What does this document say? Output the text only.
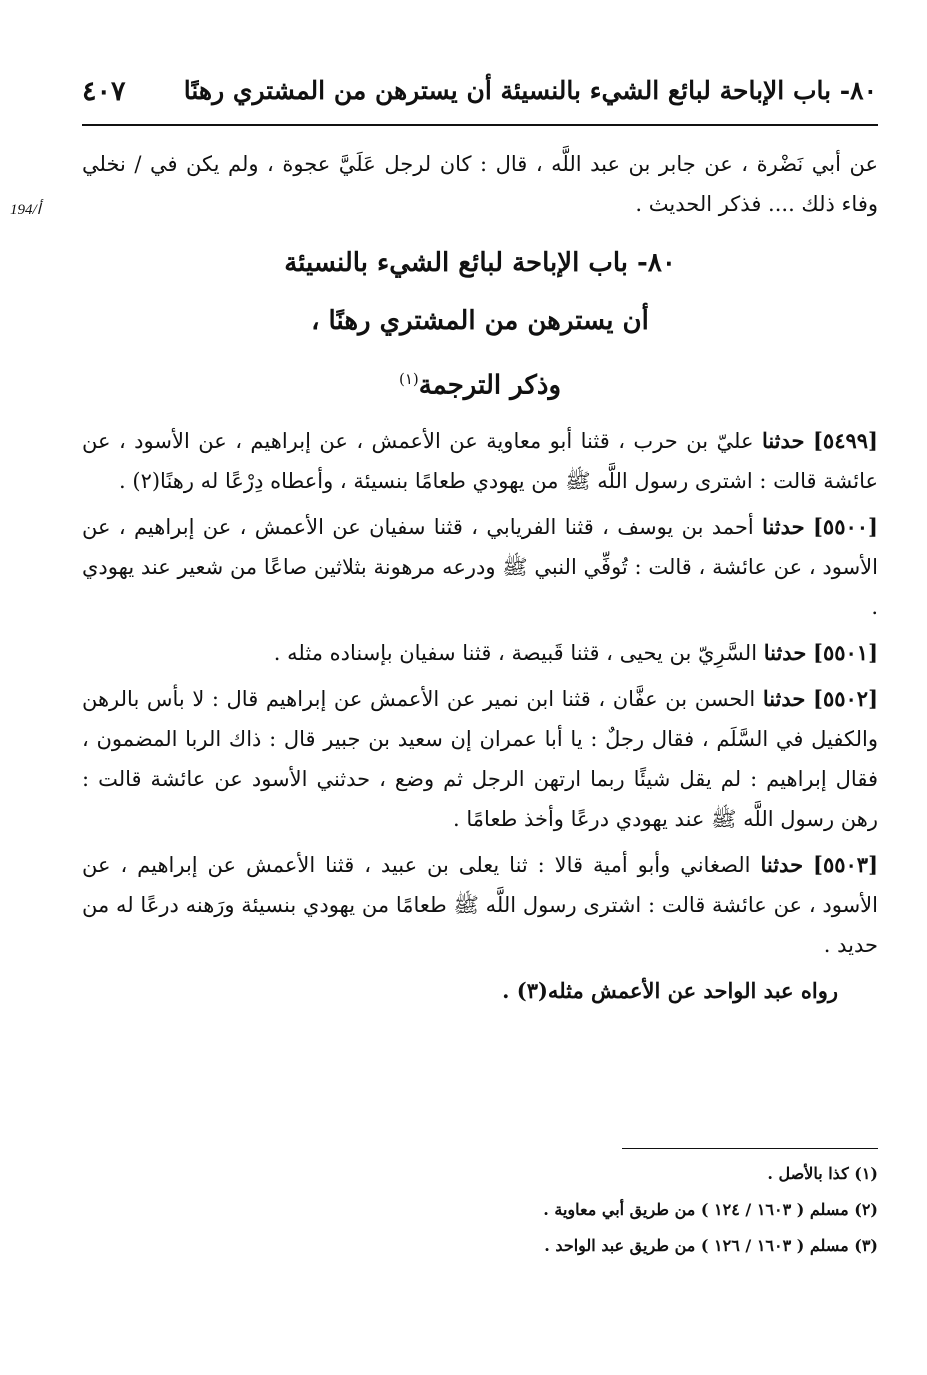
٨٠- باب الإباحة لبائع الشيء بالنسيئة أن يسترهن من المشتري رهنًا
٤٠٧
194/أ

عن أبي نَضْرة ، عن جابر بن عبد اللَّه ، قال : كان لرجل عَلَيَّ عجوة ، ولم يكن في / نخلي وفاء ذلك .... فذكر الحديث .

٨٠- باب الإباحة لبائع الشيء بالنسيئة
أن يسترهن من المشتري رهنًا ،
وذكر الترجمة$^{(١)}$

[٥٤٩٩] حدثنا عليّ بن حرب ، قثنا أبو معاوية عن الأعمش ، عن إبراهيم ، عن الأسود ، عن عائشة قالت : اشترى رسول اللَّه ﷺ من يهودي طعامًا بنسيئة ، وأعطاه دِرْعًا له رهنًا(٢) .

[٥٥٠٠] حدثنا أحمد بن يوسف ، قثنا الفريابي ، قثنا سفيان عن الأعمش ، عن إبراهيم ، عن الأسود ، عن عائشة ، قالت : تُوفِّي النبي ﷺ ودرعه مرهونة بثلاثين صاعًا من شعير عند يهودي .

[٥٥٠١] حدثنا السَّرِيّ بن يحيى ، قثنا قَبيصة ، قثنا سفيان بإسناده مثله .

[٥٥٠٢] حدثنا الحسن بن عفَّان ، قثنا ابن نمير عن الأعمش عن إبراهيم قال : لا بأس بالرهن والكفيل في السَّلَم ، فقال رجلٌ : يا أبا عمران إن سعيد بن جبير قال : ذاك الربا المضمون ، فقال إبراهيم : لم يقل شيئًا ربما ارتهن الرجل ثم وضع ، حدثني الأسود عن عائشة قالت : رهن رسول اللَّه ﷺ عند يهودي درعًا وأخذ طعامًا .

[٥٥٠٣] حدثنا الصغاني وأبو أمية قالا : ثنا يعلى بن عبيد ، قثنا الأعمش عن إبراهيم ، عن الأسود ، عن عائشة قالت : اشترى رسول اللَّه ﷺ طعامًا من يهودي بنسيئة ورَهنه درعًا له من حديد .

رواه عبد الواحد عن الأعمش مثله(٣) .

(١) كذا بالأصل .
(٢) مسلم ( ١٦٠٣ / ١٢٤ ) من طريق أبي معاوية .
(٣) مسلم ( ١٦٠٣ / ١٢٦ ) من طريق عبد الواحد .
